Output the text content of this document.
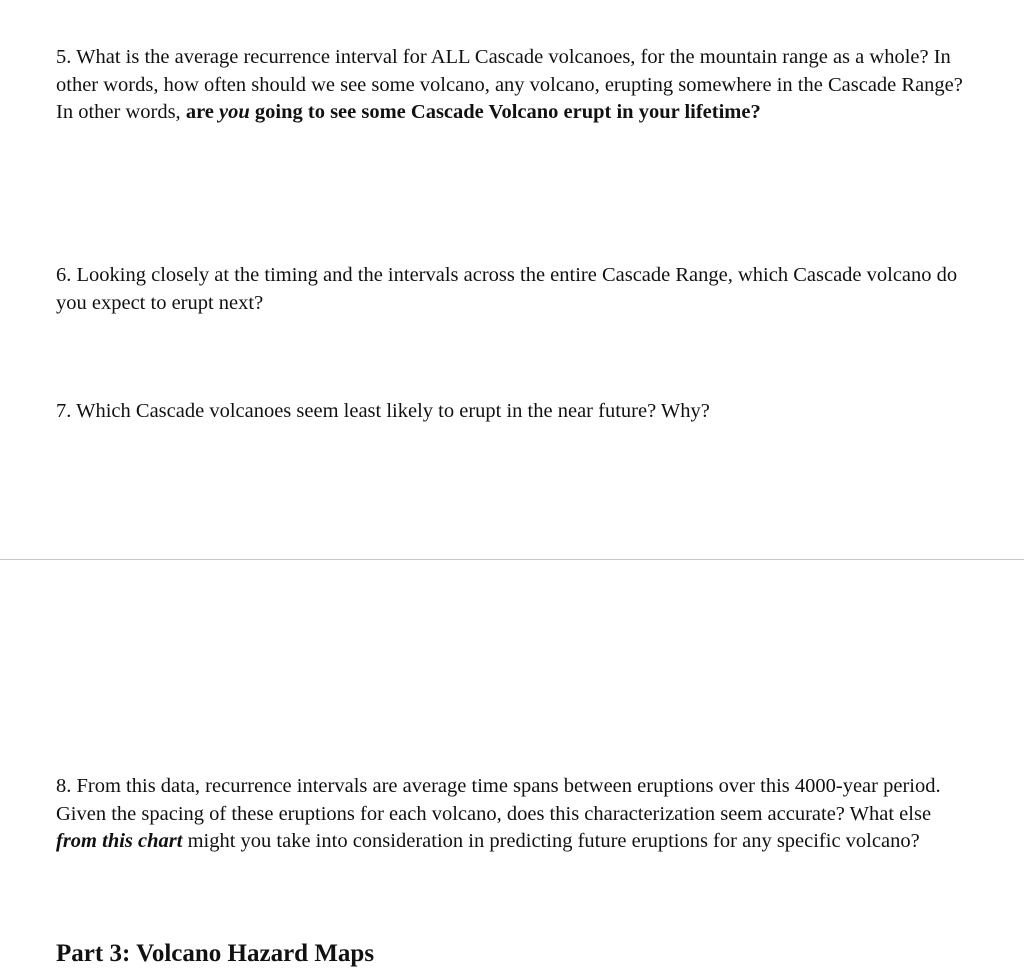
5. What is the average recurrence interval for ALL Cascade volcanoes, for the mountain range as a whole? In other words, how often should we see some volcano, any volcano, erupting somewhere in the Cascade Range? In other words, are you going to see some Cascade Volcano erupt in your lifetime?

6. Looking closely at the timing and the intervals across the entire Cascade Range, which Cascade volcano do you expect to erupt next?

7. Which Cascade volcanoes seem least likely to erupt in the near future? Why?

8. From this data, recurrence intervals are average time spans between eruptions over this 4000-year period. Given the spacing of these eruptions for each volcano, does this characterization seem accurate? What else from this chart might you take into consideration in predicting future eruptions for any specific volcano?

Part 3: Volcano Hazard Maps
